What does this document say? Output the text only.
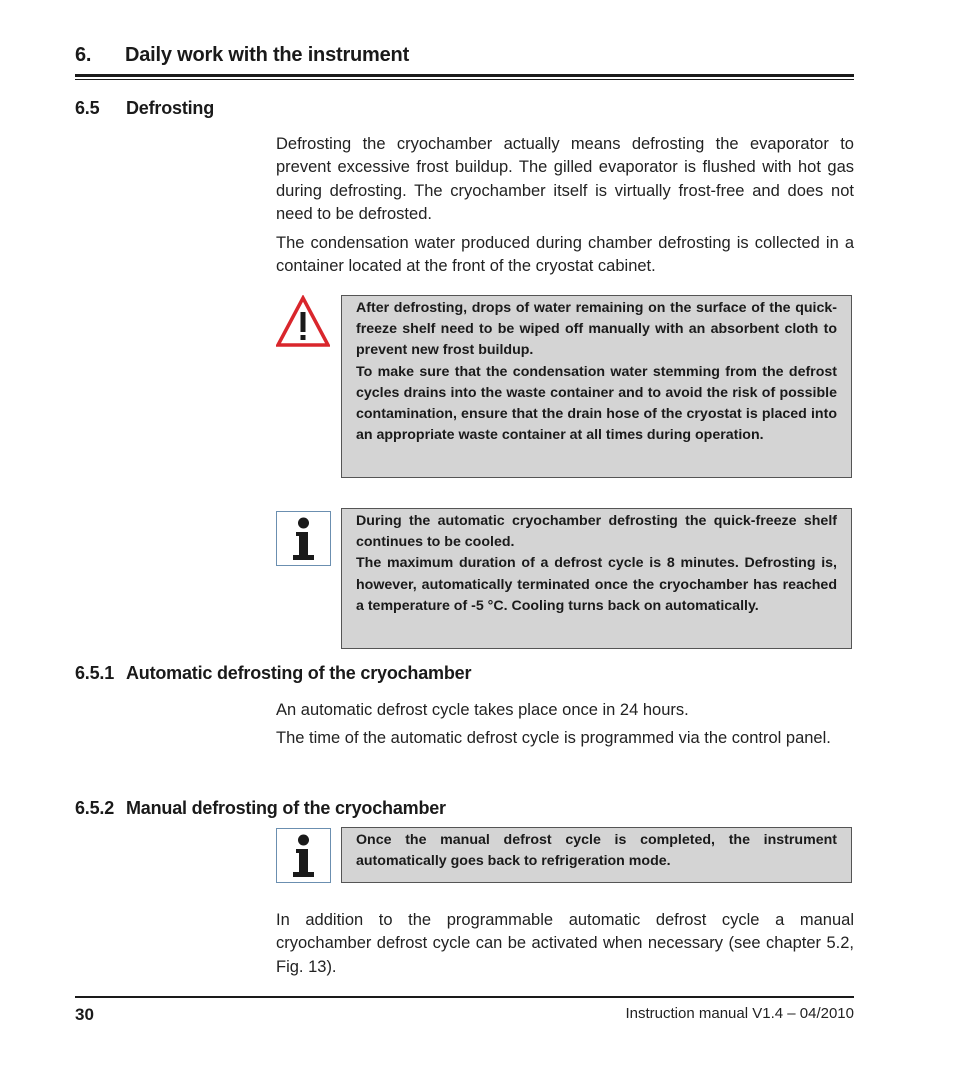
6. Daily work with the instrument
6.5 Defrosting

Defrosting the cryochamber actually means defrosting the evaporator to prevent excessive frost buildup. The gilled evaporator is flushed with hot gas during defrosting. The cryochamber itself is virtually frost-free and does not need to be defrosted.

The condensation water produced during chamber defrosting is collected in a container located at the front of the cryostat cabinet.

After defrosting, drops of water remaining on the surface of the quick-freeze shelf need to be wiped off manually with an absorbent cloth to prevent new frost buildup.

To make sure that the condensation water stemming from the defrost cycles drains into the waste container and to avoid the risk of possible contamination, ensure that the drain hose of the cryostat is placed into an appropriate waste container at all times during operation.

During the automatic cryochamber defrosting the quick-freeze shelf continues to be cooled.

The maximum duration of a defrost cycle is 8 minutes. Defrosting is, however, automatically terminated once the cryochamber has reached a temperature of -5 °C. Cooling turns back on automatically.

6.5.1 Automatic defrosting of the cryochamber

An automatic defrost cycle takes place once in 24 hours.

The time of the automatic defrost cycle is programmed via the control panel.

6.5.2 Manual defrosting of the cryochamber

Once the manual defrost cycle is completed, the instrument automatically goes back to refrigeration mode.

In addition to the programmable automatic defrost cycle a manual cryochamber defrost cycle can be activated when necessary (see chapter 5.2, Fig. 13).

30	Instruction manual V1.4 – 04/2010
